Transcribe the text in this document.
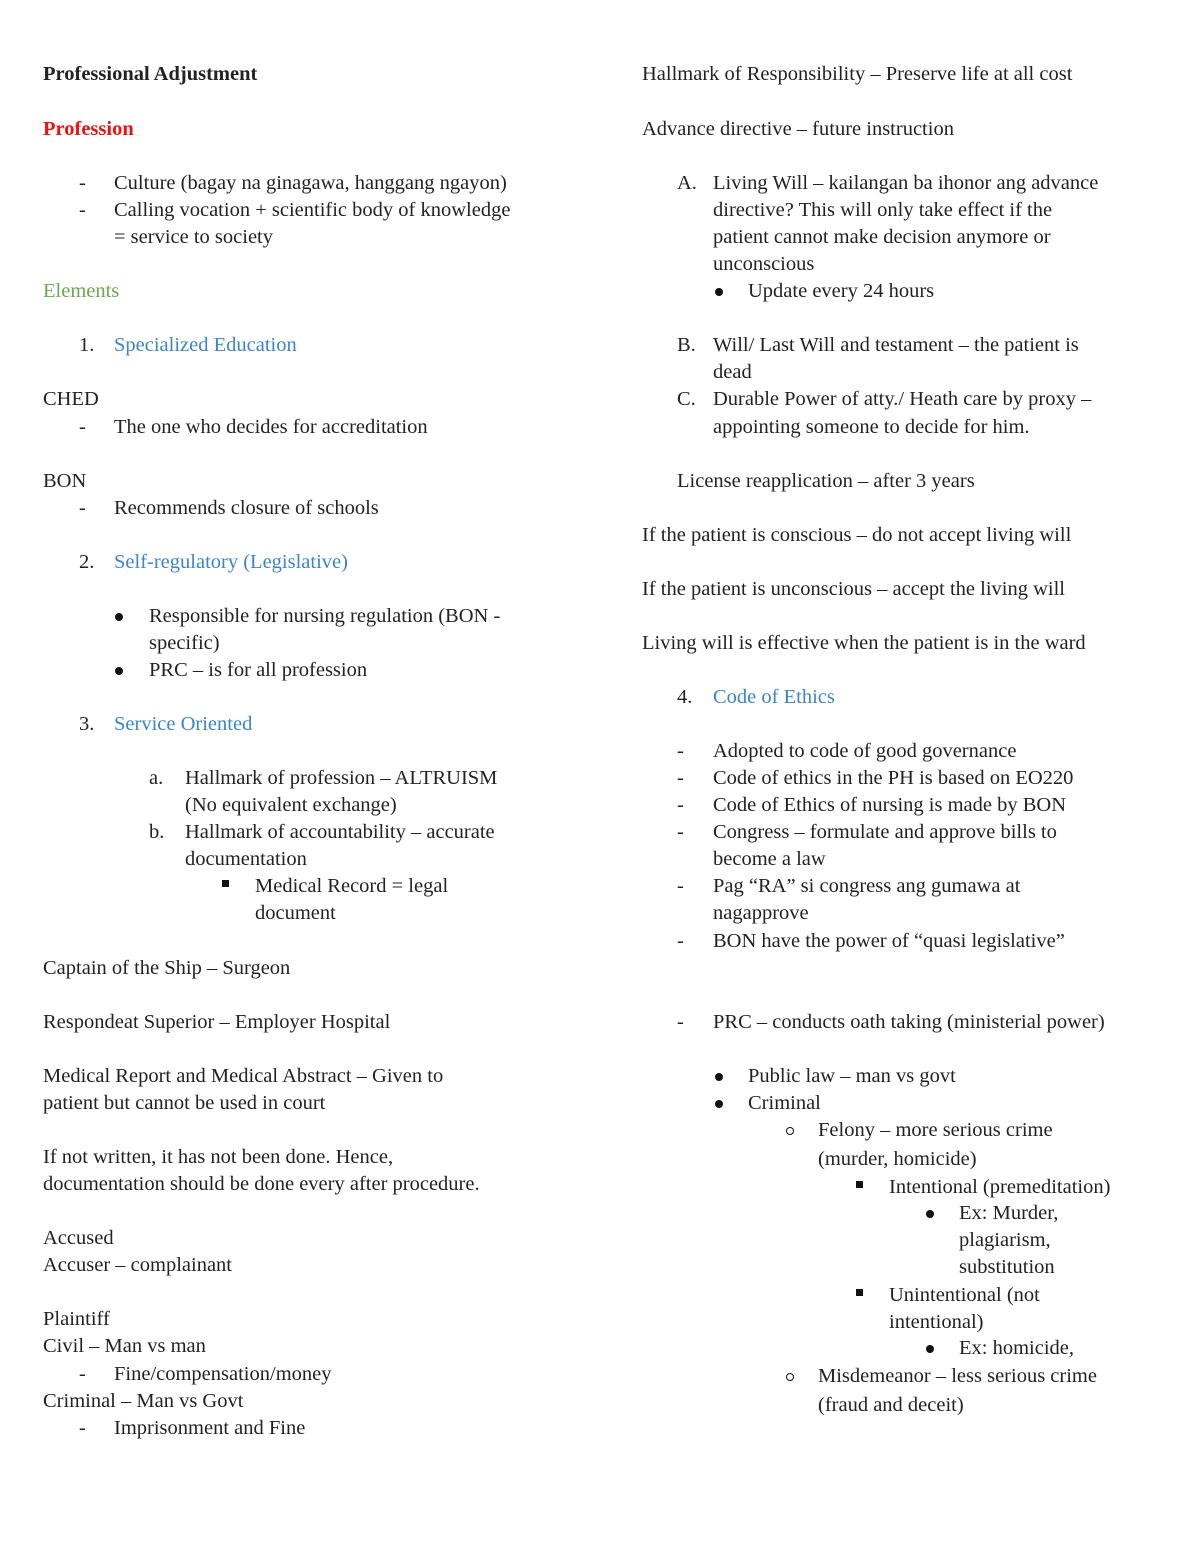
Professional Adjustment

Profession

-

Culture (bagay na ginagawa, hanggang ngayon)

-

Calling vocation + scientific body of knowledge

= service to society

Elements

1. Specialized Education

CHED

-

The one who decides for accreditation

BON

-

Recommends closure of schools

2. Self-regulatory (Legislative)

Responsible for nursing regulation (BON -

specific)

PRC – is for all profession

3. Service Oriented

a. Hallmark of profession – ALTRUISM

(No equivalent exchange)

b. Hallmark of accountability – accurate

documentation

Medical Record = legal

document

Captain of the Ship – Surgeon

Respondeat Superior – Employer Hospital

Medical Report and Medical Abstract – Given to

patient but cannot be used in court

If not written, it has not been done. Hence,

documentation should be done every after procedure.

Accused

Accuser – complainant

Plaintiff

Civil – Man vs man

-

Fine/compensation/money

Criminal – Man vs Govt

-

Imprisonment and Fine

Hallmark of Responsibility – Preserve life at all cost

Advance directive – future instruction

A. Living Will – kailangan ba ihonor ang advance

directive? This will only take effect if the

patient cannot make decision anymore or

unconscious

Update every 24 hours

B. Will/ Last Will and testament – the patient is

dead

C. Durable Power of atty./ Heath care by proxy –

appointing someone to decide for him.

License reapplication – after 3 years

If the patient is conscious – do not accept living will

If the patient is unconscious – accept the living will

Living will is effective when the patient is in the ward

4. Code of Ethics

-

Adopted to code of good governance

-

Code of ethics in the PH is based on EO220

-

Code of Ethics of nursing is made by BON

-

Congress – formulate and approve bills to

become a law

-

Pag “RA” si congress ang gumawa at

nagapprove

-

BON have the power of “quasi legislative”

-

PRC – conducts oath taking (ministerial power)

Public law – man vs govt

Criminal

Felony – more serious crime

(murder, homicide)

Intentional (premeditation)

Ex: Murder,

plagiarism,

substitution

Unintentional (not

intentional)

Ex: homicide,

Misdemeanor – less serious crime

(fraud and deceit)
